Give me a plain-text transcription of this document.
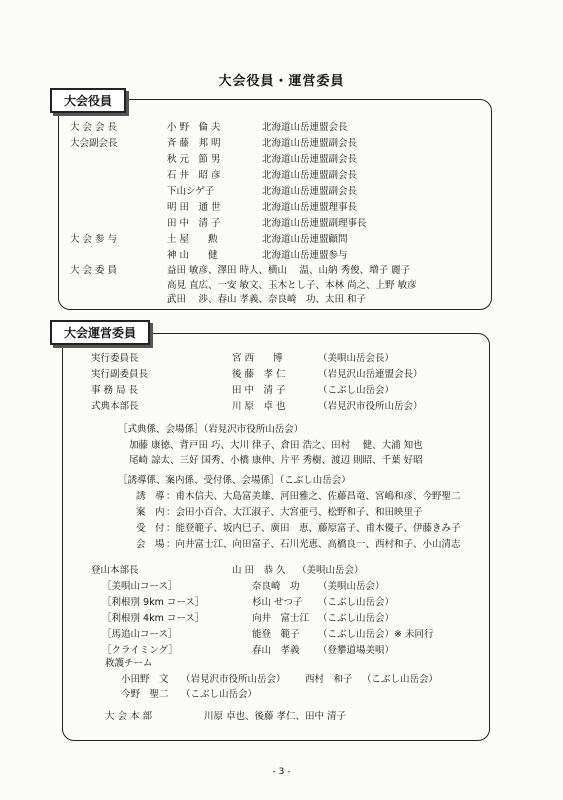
大会役員・運営委員
大会役員
大 会 会 長	小 野　倫 夫	北海道山岳連盟会長
大会副会長	斉 藤　邦 明	北海道山岳連盟副会長
秋 元　節 男	北海道山岳連盟副会長
石 井　昭 彦	北海道山岳連盟副会長
下山シゲ子	北海道山岳連盟副会長
明 田　通 世	北海道山岳連盟理事長
田 中　清 子	北海道山岳連盟副理事長
大 会 参 与	土 屋　　勲	北海道山岳連盟顧問
神 山　　健	北海道山岳連盟参与
大 会 委 員	益田 敏彦、澤田 時人、横山　 温、山納 秀俊、増子 麗子
高見 直広、一安 敏文、玉木とし子、本林 尚之、上野 敏彦
武田　 渉、春山 孝義、奈良崎　功、太田 和子
大会運営委員
実行委員長	宮 西　　博	（美唄山岳会長）
実行副委員長	後 藤　孝 仁	（岩見沢山岳連盟会長）
事 務 局 長	田 中　清 子	（こぶし山岳会）
式典本部長	川 原　卓 也	（岩見沢市役所山岳会）
［式典係、会場係］（岩見沢市役所山岳会）
加藤 康徳、背戸田 巧、大川 律子、倉田 浩之、田村　 健、大浦 知也
尾崎 諒太、三好 国秀、小橋 康伸、片平 秀樹、渡辺 則昭、千葉 好昭
［誘導係、案内係、受付係、会場係］（こぶし山岳会）
誘　導 ：甫木信夫、大島富美雄、河田雅之、佐藤昌竜、宮嶋和彦、今野聖二
案　内 ：会田小百合、大江淑子、大宮亜弓、松野和子、和田映里子
受　付 ：能登範子、坂内巳子、廣田　恵、藤原富子、甫木優子、伊藤きみ子
会　場 ：向井富士江、向田富子、石川光恵、高橋良一、西村和子、小山清志
登山本部長	山 田　恭 久 （美唄山岳会）
［美唄山コース］	奈良崎　功 （美唄山岳会）
［利根別 9km コース］	杉山 せつ子 （こぶし山岳会）
［利根別 4km コース］	向井　富士江 （こぶし山岳会）
［馬追山コース］	能登　範子 （こぶし山岳会）※ 未同行
［クライミング］	春山　孝義 （登攀道場美唄）
救護チーム
小田野　文 （岩見沢市役所山岳会） 西村　和子 （こぶし山岳会）
今野　聖二 （こぶし山岳会）
大 会 本 部	川原 卓也、後藤 孝仁、田中 清子
- 3 -
